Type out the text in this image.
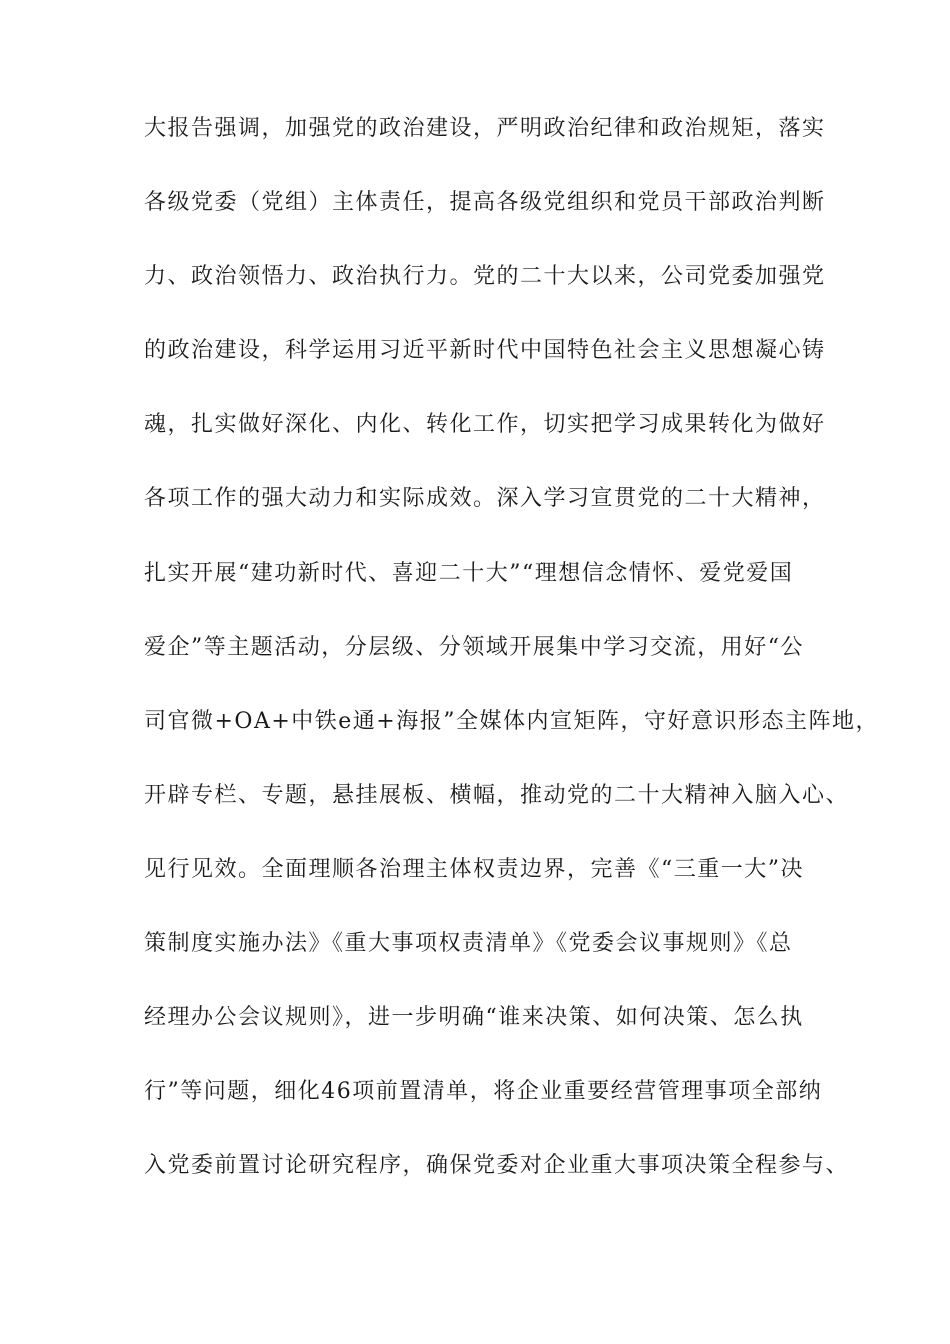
大报告强调，加强党的政治建设，严明政治纪律和政治规矩，落实
各级党委（党组）主体责任，提高各级党组织和党员干部政治判断
力、政治领悟力、政治执行力。党的二十大以来，公司党委加强党
的政治建设，科学运用习近平新时代中国特色社会主义思想凝心铸
魂，扎实做好深化、内化、转化工作，切实把学习成果转化为做好
各项工作的强大动力和实际成效。深入学习宣贯党的二十大精神，
扎实开展“建功新时代、喜迎二十大”“理想信念情怀、爱党爱国
爱企”等主题活动，分层级、分领域开展集中学习交流，用好“公
司官微+OA+中铁e通+海报”全媒体内宣矩阵，守好意识形态主阵地，
开辟专栏、专题，悬挂展板、横幅，推动党的二十大精神入脑入心、
见行见效。全面理顺各治理主体权责边界，完善《“三重一大”决
策制度实施办法》《重大事项权责清单》《党委会议事规则》《总
经理办公会议规则》，进一步明确“谁来决策、如何决策、怎么执
行”等问题，细化46项前置清单，将企业重要经营管理事项全部纳
入党委前置讨论研究程序，确保党委对企业重大事项决策全程参与、
